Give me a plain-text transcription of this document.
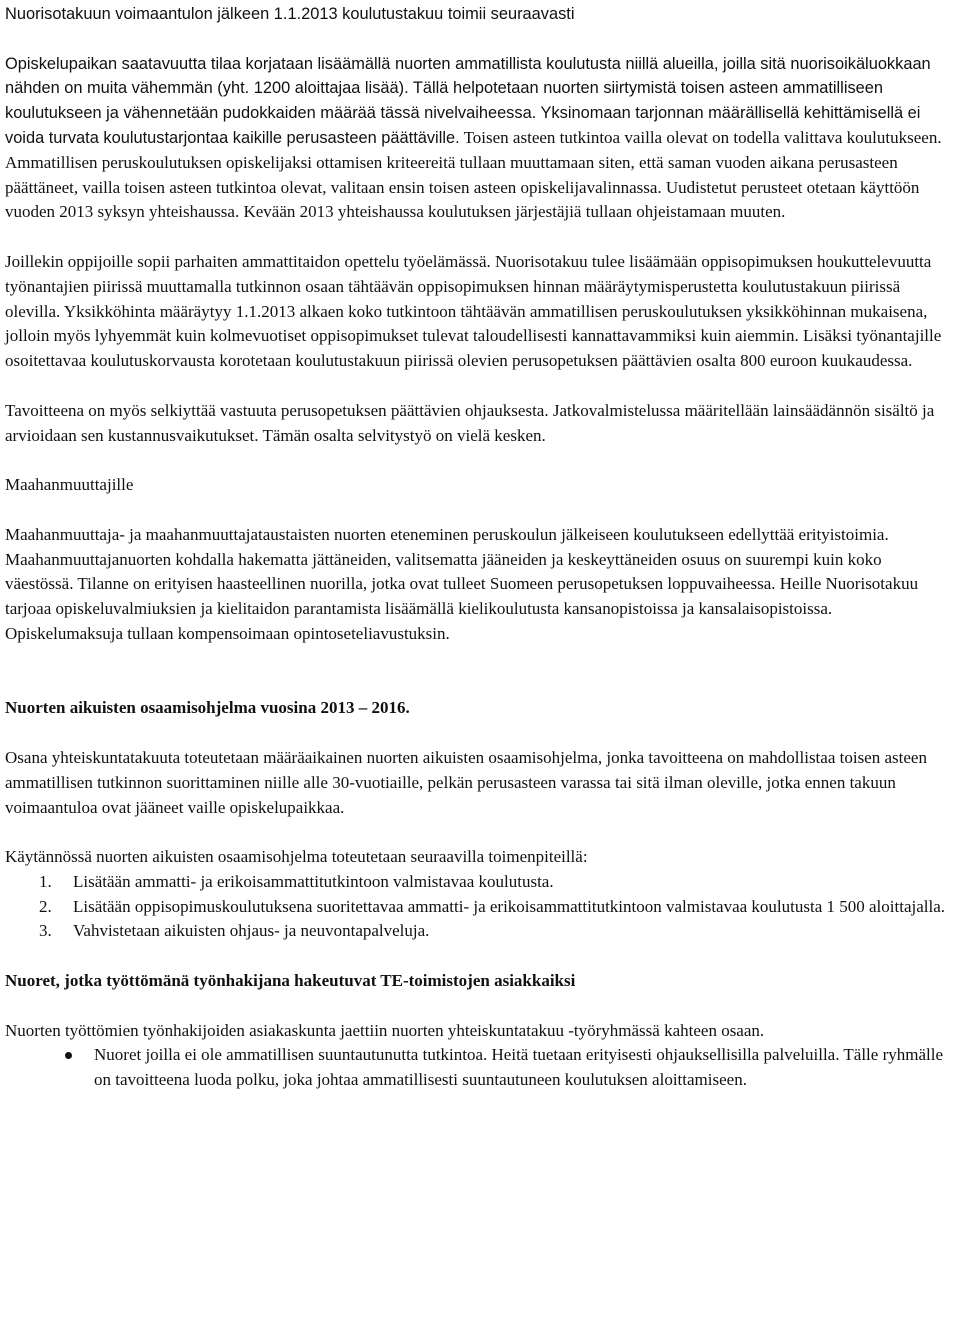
Nuorisotakuun voimaantulon jälkeen 1.1.2013 koulutustakuu toimii seuraavasti

Opiskelupaikan saatavuutta tilaa korjataan lisäämällä nuorten ammatillista koulutusta niillä alueilla, joilla sitä nuorisoikäluokkaan nähden on muita vähemmän (yht. 1200 aloittajaa lisää). Tällä helpotetaan nuorten siirtymistä toisen asteen ammatilliseen koulutukseen ja vähennetään pudokkaiden määrää tässä nivelvaiheessa. Yksinomaan tarjonnan määrällisellä kehittämisellä ei voida turvata koulutustarjontaa kaikille perusasteen päättäville. Toisen asteen tutkintoa vailla olevat on todella valittava koulutukseen. Ammatillisen peruskoulutuksen opiskelijaksi ottamisen kriteereitä tullaan muuttamaan siten, että saman vuoden aikana perusasteen päättäneet, vailla toisen asteen tutkintoa olevat, valitaan ensin toisen asteen opiskelijavalinnassa. Uudistetut perusteet otetaan käyttöön vuoden 2013 syksyn yhteishaussa. Kevään 2013 yhteishaussa koulutuksen järjestäjiä tullaan ohjeistamaan muuten.

Joillekin oppijoille sopii parhaiten ammattitaidon opettelu työelämässä. Nuorisotakuu tulee lisäämään oppisopimuksen houkuttelevuutta työnantajien piirissä muuttamalla tutkinnon osaan tähtäävän oppisopimuksen hinnan määräytymisperustetta koulutustakuun piirissä olevilla. Yksikköhinta määräytyy 1.1.2013 alkaen koko tutkintoon tähtäävän ammatillisen peruskoulutuksen yksikköhinnan mukaisena, jolloin myös lyhyemmät kuin kolmevuotiset oppisopimukset tulevat taloudellisesti kannattavammiksi kuin aiemmin. Lisäksi työnantajille osoitettavaa koulutuskorvausta korotetaan koulutustakuun piirissä olevien perusopetuksen päättävien osalta 800 euroon kuukaudessa.

Tavoitteena on myös selkiyttää vastuuta perusopetuksen päättävien ohjauksesta. Jatkovalmistelussa määritellään lainsäädännön sisältö ja arvioidaan sen kustannusvaikutukset. Tämän osalta selvitystyö on vielä kesken.

Maahanmuuttajille

Maahanmuuttaja- ja maahanmuuttajataustaisten nuorten eteneminen peruskoulun jälkeiseen koulutukseen edellyttää erityistoimia. Maahanmuuttajanuorten kohdalla hakematta jättäneiden, valitsematta jääneiden ja keskeyttäneiden osuus on suurempi kuin koko väestössä. Tilanne on erityisen haasteellinen nuorilla, jotka ovat tulleet Suomeen perusopetuksen loppuvaiheessa. Heille Nuorisotakuu tarjoaa opiskeluvalmiuksien ja kielitaidon parantamista lisäämällä kielikoulutusta kansanopistoissa ja kansalaisopistoissa. Opiskelumaksuja tullaan kompensoimaan opintoseteliavustuksin.

Nuorten aikuisten osaamisohjelma vuosina 2013 – 2016.

Osana yhteiskuntatakuuta toteutetaan määräaikainen nuorten aikuisten osaamisohjelma, jonka tavoitteena on mahdollistaa toisen asteen ammatillisen tutkinnon suorittaminen niille alle 30-vuotiaille, pelkän perusasteen varassa tai sitä ilman oleville, jotka ennen takuun voimaantuloa ovat jääneet vaille opiskelupaikkaa.

Käytännössä nuorten aikuisten osaamisohjelma toteutetaan seuraavilla toimenpiteillä:

1. Lisätään ammatti- ja erikoisammattitutkintoon valmistavaa koulutusta.
2. Lisätään oppisopimuskoulutuksena suoritettavaa ammatti- ja erikoisammattitutkintoon valmistavaa koulutusta 1 500 aloittajalla.
3. Vahvistetaan aikuisten ohjaus- ja neuvontapalveluja.

Nuoret, jotka työttömänä työnhakijana hakeutuvat TE-toimistojen asiakkaiksi

Nuorten työttömien työnhakijoiden asiakaskunta jaettiin nuorten yhteiskuntatakuu -työryhmässä kahteen osaan.

Nuoret joilla ei ole ammatillisen suuntautunutta tutkintoa. Heitä tuetaan erityisesti ohjauksellisilla palveluilla. Tälle ryhmälle on tavoitteena luoda polku, joka johtaa ammatillisesti suuntautuneen koulutuksen aloittamiseen.
